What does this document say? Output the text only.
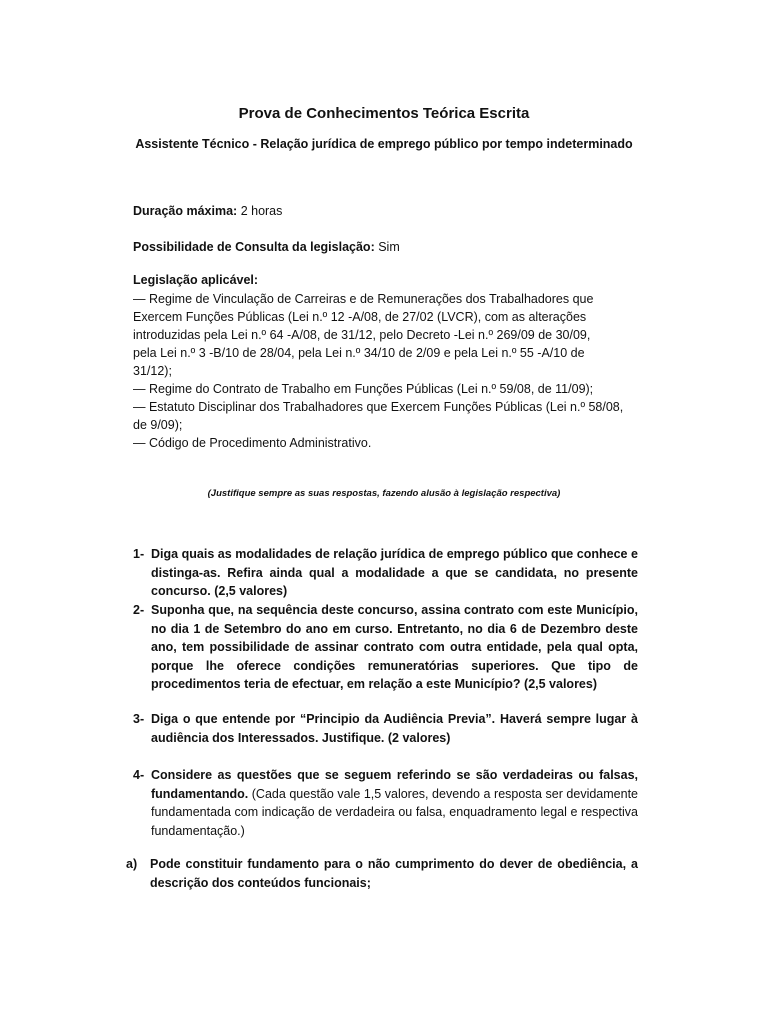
Prova de Conhecimentos Teórica Escrita
Assistente Técnico - Relação jurídica de emprego público por tempo indeterminado
Duração máxima: 2 horas
Possibilidade de Consulta da legislação: Sim
Legislação aplicável:
— Regime de Vinculação de Carreiras e de Remunerações dos Trabalhadores que
Exercem Funções Públicas (Lei n.º 12 -A/08, de 27/02 (LVCR), com as alterações
introduzidas pela Lei n.º 64 -A/08, de 31/12, pelo Decreto -Lei n.º 269/09 de 30/09,
pela Lei n.º 3 -B/10 de 28/04, pela Lei n.º 34/10 de 2/09 e pela Lei n.º 55 -A/10 de
31/12);
— Regime do Contrato de Trabalho em Funções Públicas (Lei n.º 59/08, de 11/09);
— Estatuto Disciplinar dos Trabalhadores que Exercem Funções Públicas (Lei n.º 58/08,
de 9/09);
— Código de Procedimento Administrativo.
(Justifique sempre as suas respostas, fazendo alusão à legislação respectiva)
1- Diga quais as modalidades de relação jurídica de emprego público que conhece e distinga-as. Refira ainda qual a modalidade a que se candidata, no presente concurso. (2,5 valores)
2- Suponha que, na sequência deste concurso, assina contrato com este Município, no dia 1 de Setembro do ano em curso. Entretanto, no dia 6 de Dezembro deste ano, tem possibilidade de assinar contrato com outra entidade, pela qual opta, porque lhe oferece condições remuneratórias superiores. Que tipo de procedimentos teria de efectuar, em relação a este Município? (2,5 valores)
3- Diga o que entende por “Principio da Audiência Previa”. Haverá sempre lugar à audiência dos Interessados. Justifique. (2 valores)
4- Considere as questões que se seguem referindo se são verdadeiras ou falsas, fundamentando. (Cada questão vale 1,5 valores, devendo a resposta ser devidamente fundamentada com indicação de verdadeira ou falsa, enquadramento legal e respectiva fundamentação.)
a)	Pode constituir fundamento para o não cumprimento do dever de obediência, a descrição dos conteúdos funcionais;
